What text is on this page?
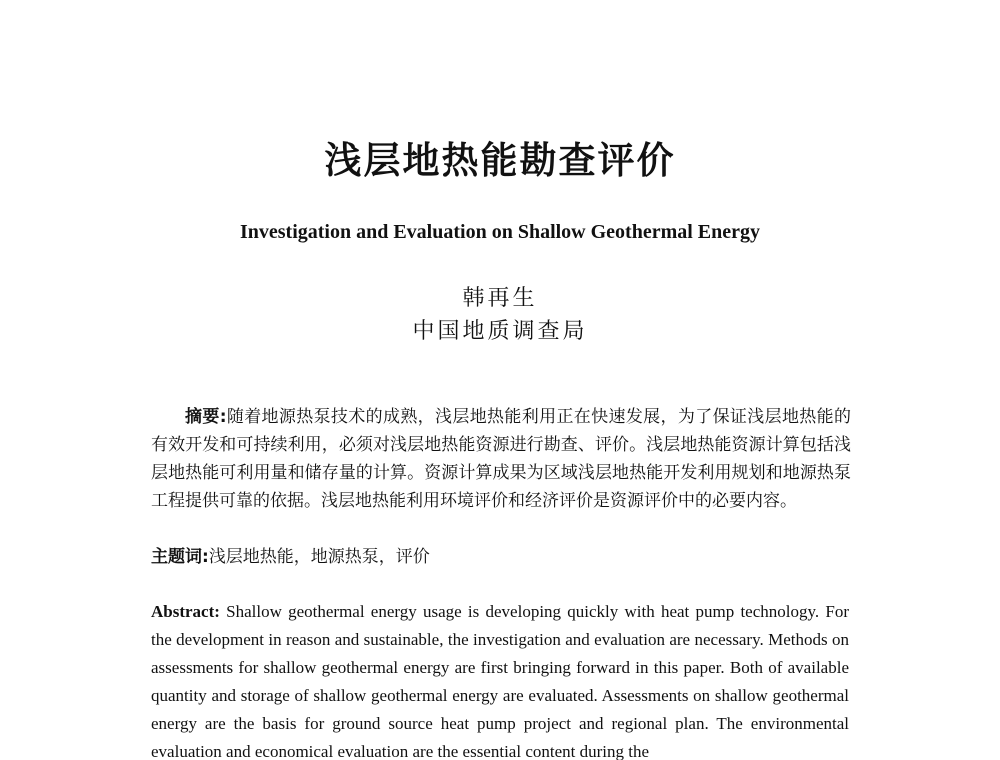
浅层地热能勘查评价
Investigation and Evaluation on Shallow Geothermal Energy
韩再生
中国地质调查局

摘要:随着地源热泵技术的成熟，浅层地热能利用正在快速发展，为了保证浅层地热能的有效开发和可持续利用，必须对浅层地热能资源进行勘查、评价。浅层地热能资源计算包括浅层地热能可利用量和储存量的计算。资源计算成果为区域浅层地热能开发利用规划和地源热泵工程提供可靠的依据。浅层地热能利用环境评价和经济评价是资源评价中的必要内容。

主题词:浅层地热能，地源热泵，评价

Abstract: Shallow geothermal energy usage is developing quickly with heat pump technology. For the development in reason and sustainable, the investigation and evaluation are necessary. Methods on assessments for shallow geothermal energy are first bringing forward in this paper. Both of available quantity and storage of shallow geothermal energy are evaluated. Assessments on shallow geothermal energy are the basis for ground source heat pump project and regional plan. The environmental evaluation and economical evaluation are the essential content during the
